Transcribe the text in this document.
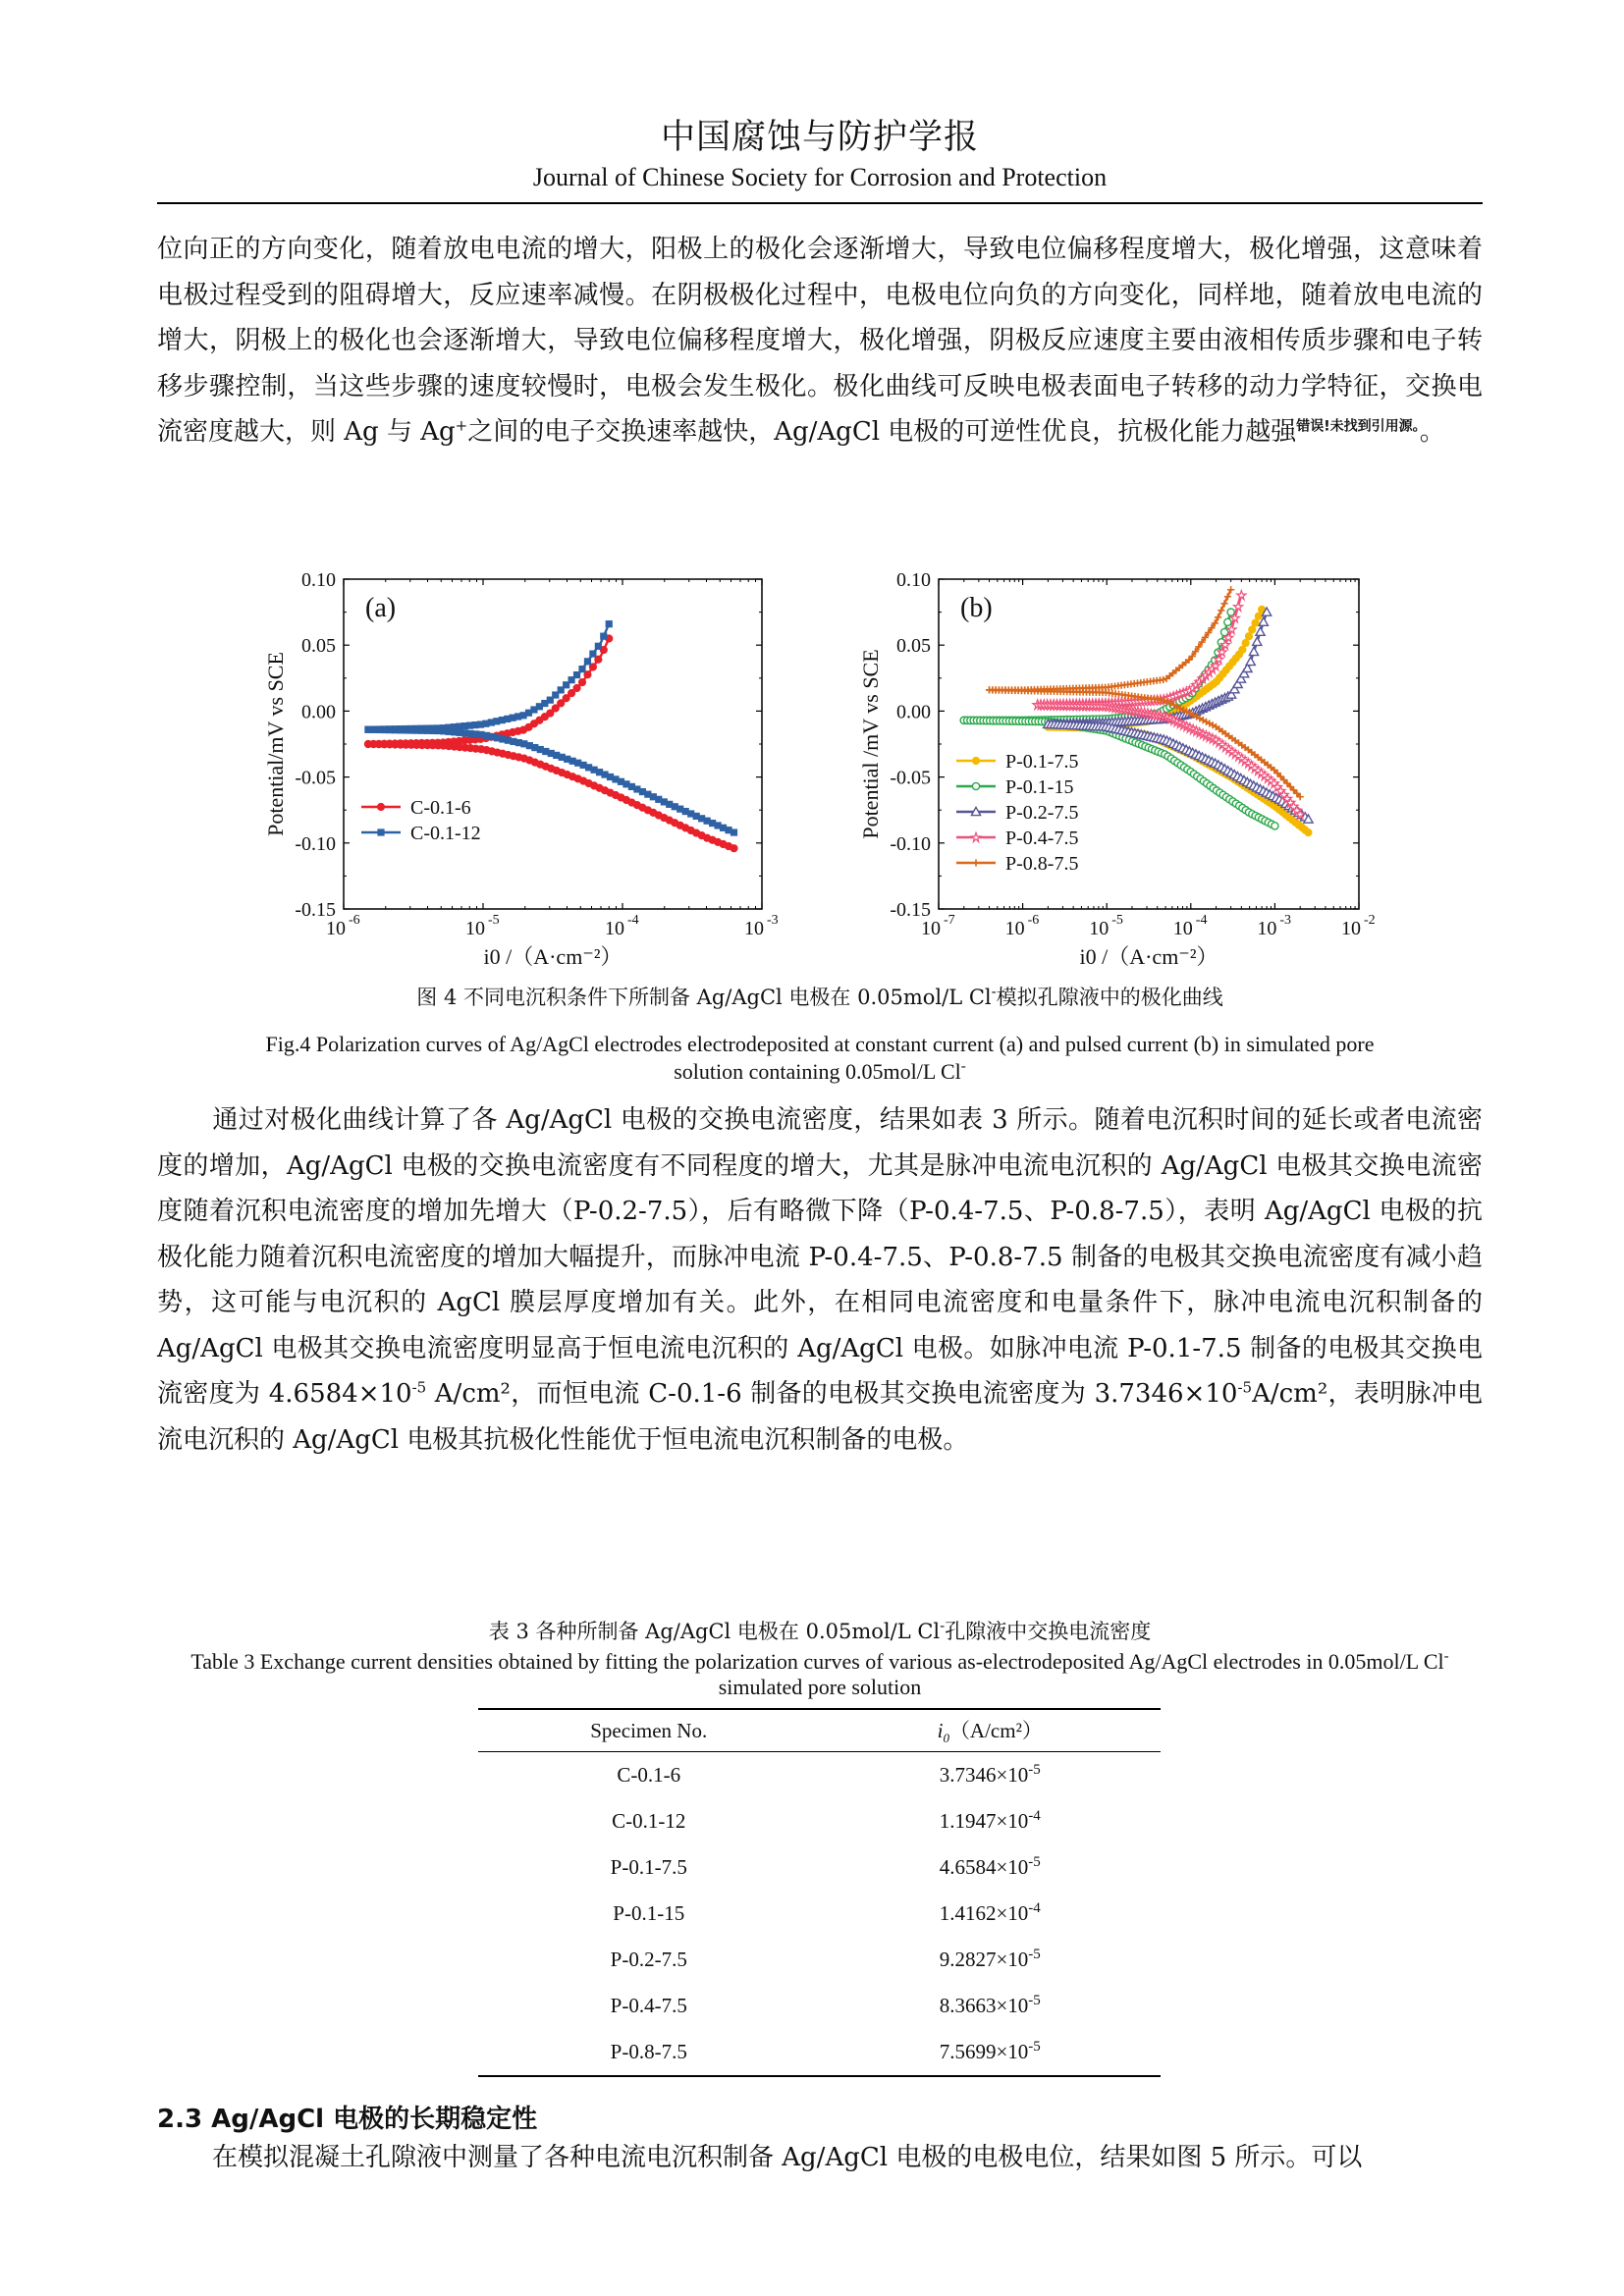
中国腐蚀与防护学报
Journal of Chinese Society for Corrosion and Protection
位向正的方向变化，随着放电电流的增大，阳极上的极化会逐渐增大，导致电位偏移程度增大，极化增强，这意味着电极过程受到的阻碍增大，反应速率减慢。在阴极极化过程中，电极电位向负的方向变化，同样地，随着放电电流的增大，阴极上的极化也会逐渐增大，导致电位偏移程度增大，极化增强，阴极反应速度主要由液相传质步骤和电子转移步骤控制，当这些步骤的速度较慢时，电极会发生极化。极化曲线可反映电极表面电子转移的动力学特征，交换电流密度越大，则 Ag 与 Ag+之间的电子交换速率越快，Ag/AgCl 电极的可逆性优良，抗极化能力越强$^{错误!未找到引用源。}$。
0.10
0.05
0.00
-0.05
-0.10
-0.15
10 -6	10 -5	10 -4	10 -3
i0 /（A·cm⁻²）
Potential/mV vs SCE
(a)
C-0.1-6
C-0.1-12
0.10
0.05
0.00
-0.05
-0.10
-0.15
10 -7	10 -6	10 -5	10 -4	10 -3	10 -2
i0 /（A·cm⁻²）
Potential /mV vs SCE
(b)
P-0.1-7.5
P-0.1-15
P-0.2-7.5
P-0.4-7.5
P-0.8-7.5
图 4 不同电沉积条件下所制备 Ag/AgCl 电极在 0.05mol/L Cl-模拟孔隙液中的极化曲线
Fig.4 Polarization curves of Ag/AgCl electrodes electrodeposited at constant current (a) and pulsed current (b) in simulated pore solution containing 0.05mol/L Cl-
通过对极化曲线计算了各 Ag/AgCl 电极的交换电流密度，结果如表 3 所示。随着电沉积时间的延长或者电流密度的增加，Ag/AgCl 电极的交换电流密度有不同程度的增大，尤其是脉冲电流电沉积的 Ag/AgCl 电极其交换电流密度随着沉积电流密度的增加先增大（P-0.2-7.5），后有略微下降（P-0.4-7.5、P-0.8-7.5），表明 Ag/AgCl 电极的抗极化能力随着沉积电流密度的增加大幅提升，而脉冲电流 P-0.4-7.5、P-0.8-7.5 制备的电极其交换电流密度有减小趋势，这可能与电沉积的 AgCl 膜层厚度增加有关。此外，在相同电流密度和电量条件下，脉冲电流电沉积制备的 Ag/AgCl 电极其交换电流密度明显高于恒电流电沉积的 Ag/AgCl 电极。如脉冲电流 P-0.1-7.5 制备的电极其交换电流密度为 $4.6584\times 10^{-5}$ A/cm²，而恒电流 C-0.1-6 制备的电极其交换电流密度为 $3.7346\times 10^{-5}A$/cm²，表明脉冲电流电沉积的 Ag/AgCl 电极其抗极化性能优于恒电流电沉积制备的电极。
表 3 各种所制备 Ag/AgCl 电极在 0.05mol/L Cl-孔隙液中交换电流密度
Table 3 Exchange current densities obtained by fitting the polarization curves of various as-electrodeposited Ag/AgCl electrodes in 0.05mol/L Cl- simulated pore solution
Specimen No.	$i_0(A/cm^2)$
C-0.1-6	$3.7346\times 10^{-5}$
C-0.1-12	$1.1947\times 10^{-4}$
P-0.1-7.5	$4.6584\times 10^{-5}$
P-0.1-15	$1.4162\times 10^{-4}$
P-0.2-7.5	$9.2827\times 10^{-5}$
P-0.4-7.5	$8.3663\times 10^{-5}$
P-0.8-7.5	$7.5699\times 10^{-5}$
2.3 Ag/AgCl 电极的长期稳定性
在模拟混凝土孔隙液中测量了各种电流电沉积制备 Ag/AgCl 电极的电极电位，结果如图 5 所示。可以
